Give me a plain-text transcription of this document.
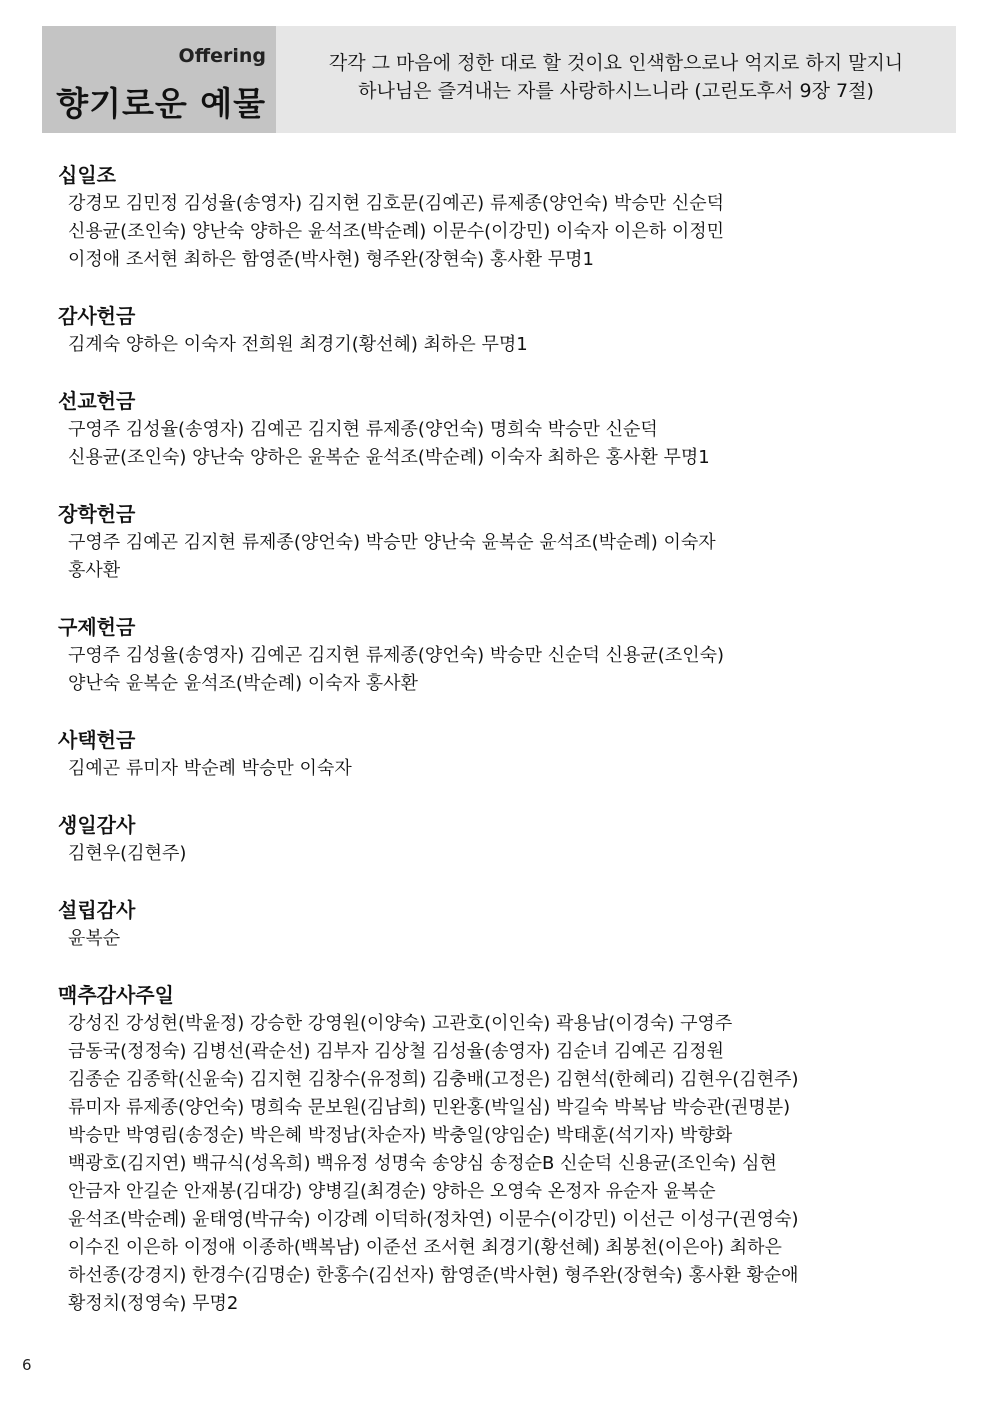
Offering
향기로운 예물
각각 그 마음에 정한 대로 할 것이요 인색함으로나 억지로 하지 말지니
하나님은 즐겨내는 자를 사랑하시느니라 (고린도후서 9장 7절)
십일조
강경모 김민정 김성율(송영자) 김지현 김호문(김예곤) 류제종(양언숙) 박승만 신순덕
신용균(조인숙) 양난숙 양하은 윤석조(박순례) 이문수(이강민) 이숙자 이은하 이정민
이정애 조서현 최하은 함영준(박사현) 형주완(장현숙) 홍사환 무명1
감사헌금
김계숙 양하은 이숙자 전희원 최경기(황선혜) 최하은 무명1
선교헌금
구영주 김성율(송영자) 김예곤 김지현 류제종(양언숙) 명희숙 박승만 신순덕
신용균(조인숙) 양난숙 양하은 윤복순 윤석조(박순례) 이숙자 최하은 홍사환 무명1
장학헌금
구영주 김예곤 김지현 류제종(양언숙) 박승만 양난숙 윤복순 윤석조(박순례) 이숙자
홍사환
구제헌금
구영주 김성율(송영자) 김예곤 김지현 류제종(양언숙) 박승만 신순덕 신용균(조인숙)
양난숙 윤복순 윤석조(박순례) 이숙자 홍사환
사택헌금
김예곤 류미자 박순례 박승만 이숙자
생일감사
김현우(김현주)
설립감사
윤복순
맥추감사주일
강성진 강성현(박윤정) 강승한 강영원(이양숙) 고관호(이인숙) 곽용남(이경숙) 구영주
금동국(정정숙) 김병선(곽순선) 김부자 김상철 김성율(송영자) 김순녀 김예곤 김정원
김종순 김종학(신윤숙) 김지현 김창수(유정희) 김충배(고정은) 김현석(한혜리) 김현우(김현주)
류미자 류제종(양언숙) 명희숙 문보원(김남희) 민완홍(박일심) 박길숙 박복남 박승관(권명분)
박승만 박영림(송정순) 박은혜 박정남(차순자) 박충일(양임순) 박태훈(석기자) 박향화
백광호(김지연) 백규식(성옥희) 백유정 성명숙 송양심 송정순B 신순덕 신용균(조인숙) 심현
안금자 안길순 안재봉(김대강) 양병길(최경순) 양하은 오영숙 온정자 유순자 윤복순
윤석조(박순례) 윤태영(박규숙) 이강례 이덕하(정차연) 이문수(이강민) 이선근 이성구(권영숙)
이수진 이은하 이정애 이종하(백복남) 이준선 조서현 최경기(황선혜) 최봉천(이은아) 최하은
하선종(강경지) 한경수(김명순) 한홍수(김선자) 함영준(박사현) 형주완(장현숙) 홍사환 황순애
황정치(정영숙) 무명2
6
